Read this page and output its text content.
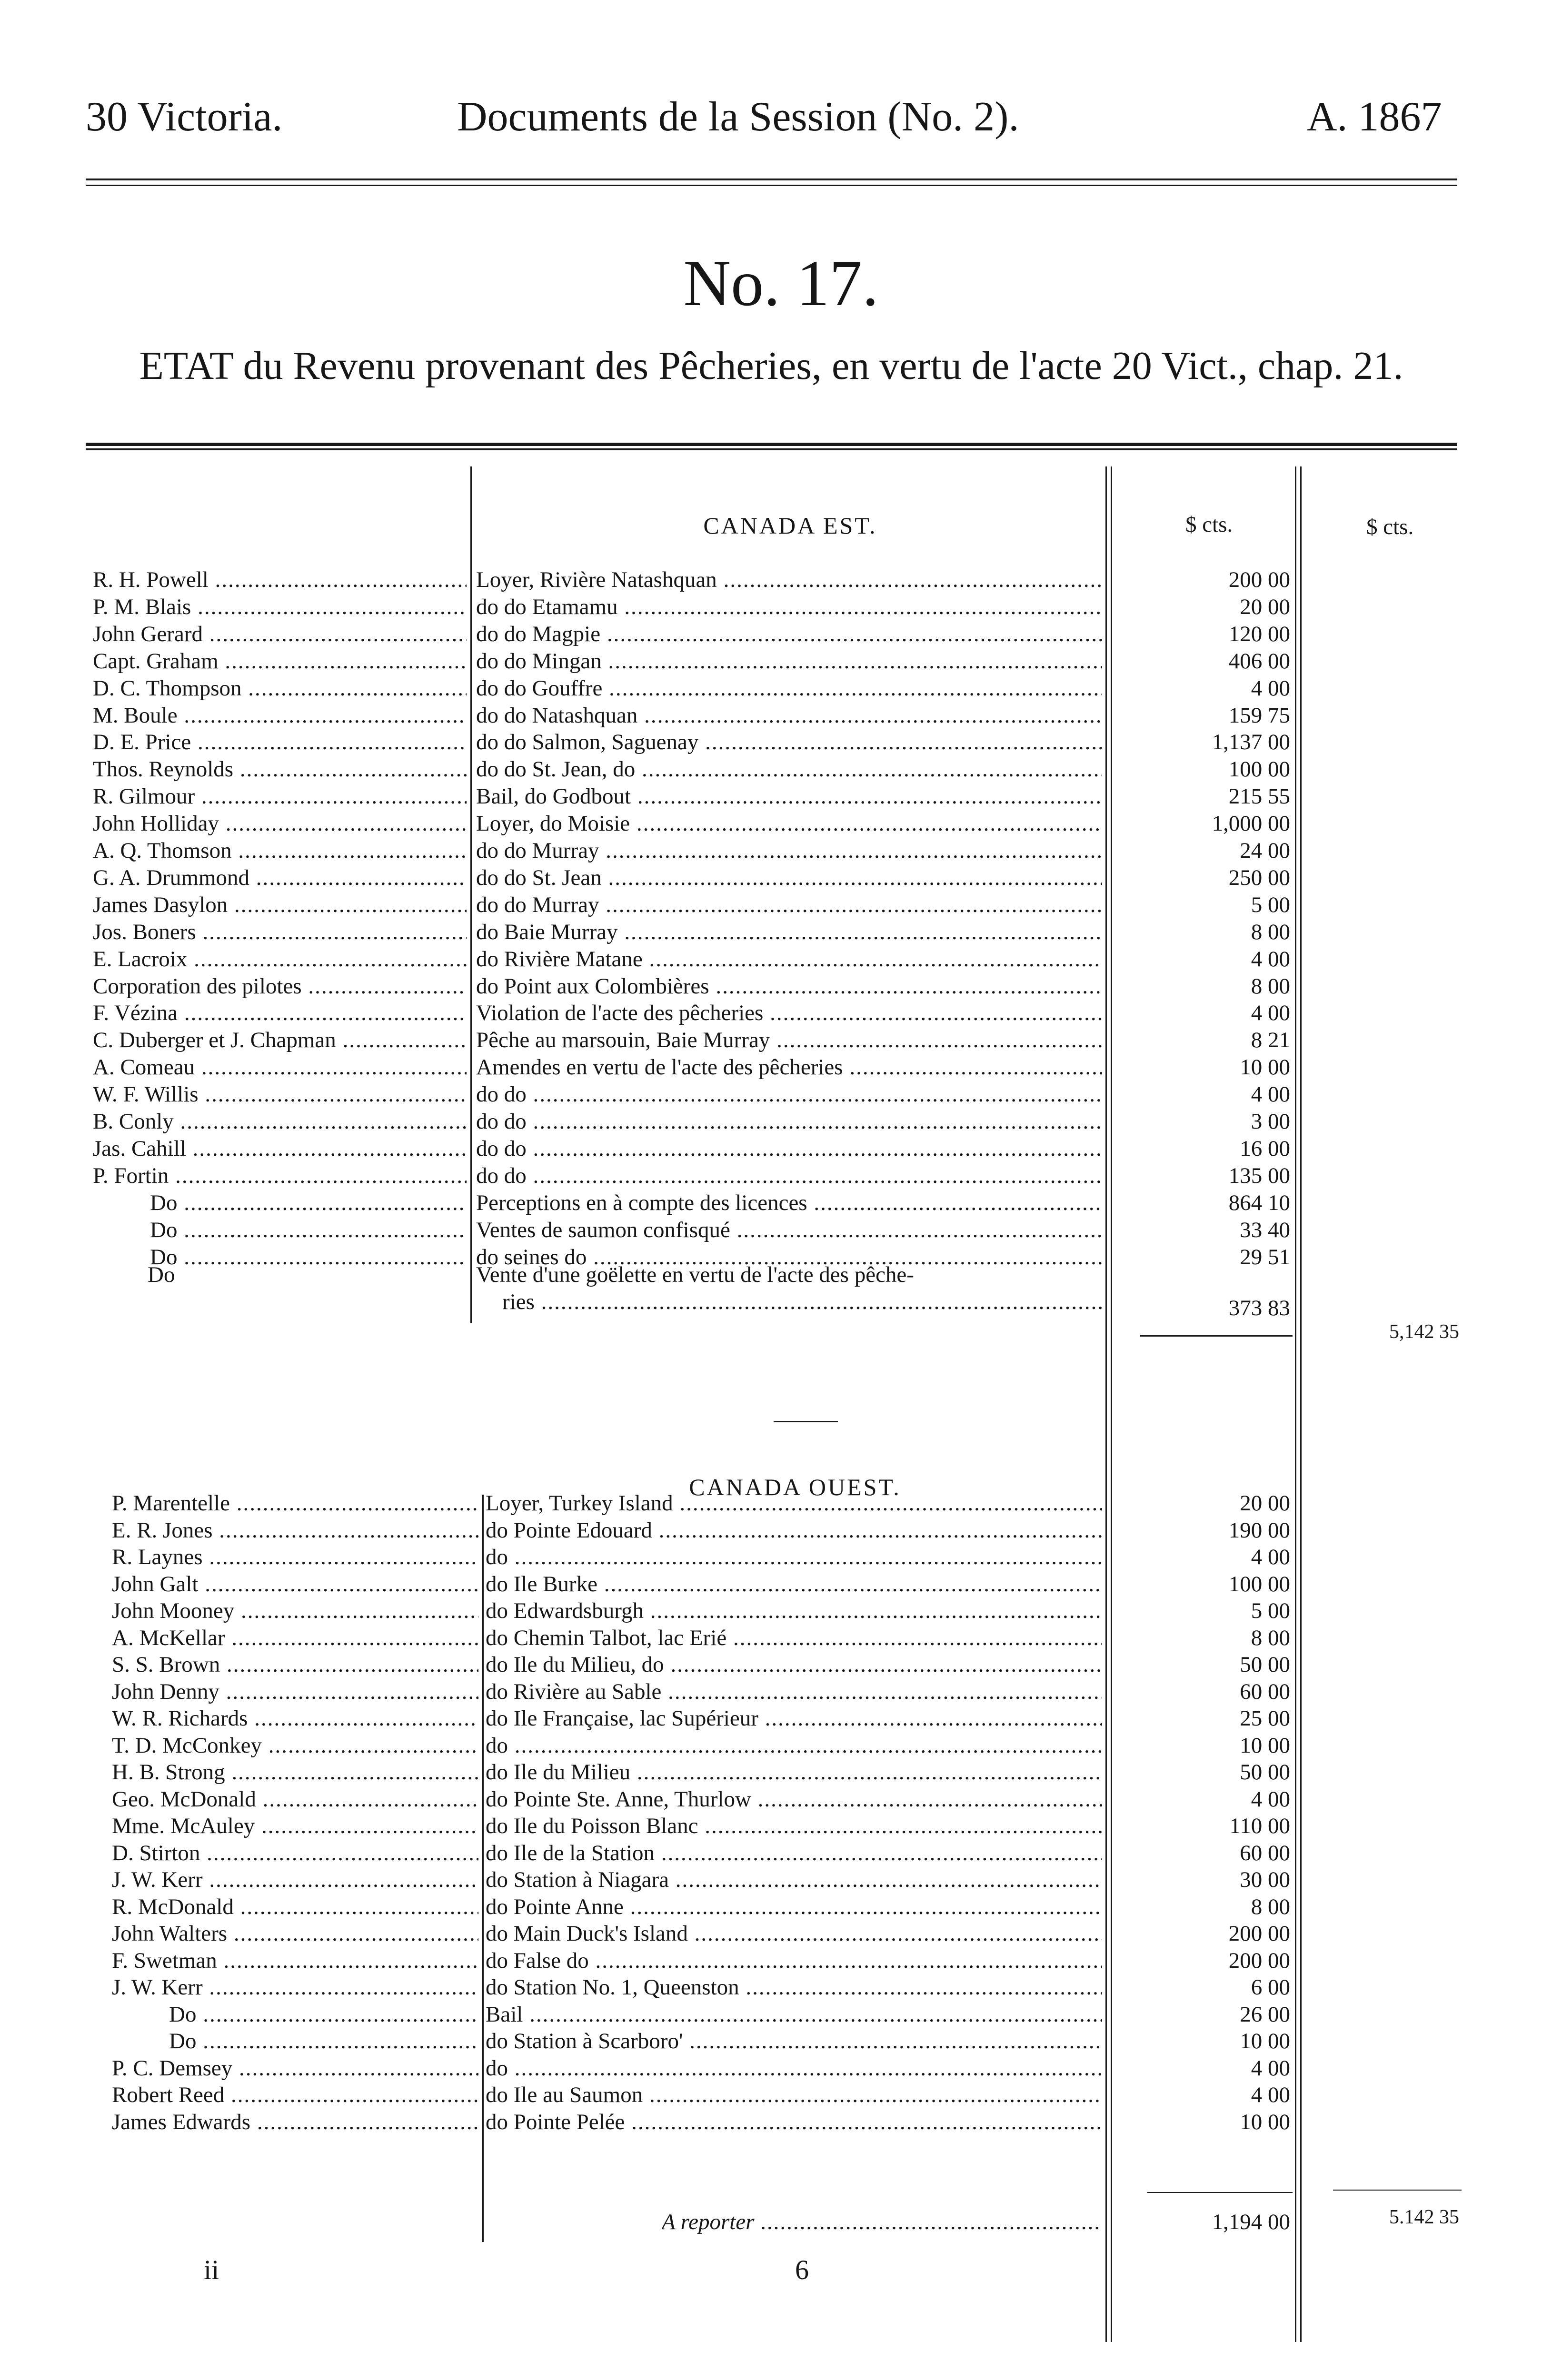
30 Victoria.	Documents de la Session (No. 2).	A. 1867
No. 17.
ETAT du Revenu provenant des Pêcheries, en vertu de l'acte 20 Vict., chap. 21.
CANADA EST.	$ cts.	$ cts.
R. H. Powell .....	Loyer, Rivière Natashquan .....	200 00
P. M. Blais .....	do do Etamamu .....	20 00
John Gerard .....	do do Magpie .....	120 00
Capt. Graham .....	do do Mingan .....	406 00
D. C. Thompson .....	do do Gouffre .....	4 00
M. Boule .....	do do Natashquan .....	159 75
D. E. Price .....	do do Salmon, Saguenay .....	1,137 00
Thos. Reynolds .....	do do St. Jean, do .....	100 00
R. Gilmour .....	Bail, do Godbout .....	215 55
John Holliday .....	Loyer, do Moisie .....	1,000 00
A. Q. Thomson .....	do do Murray .....	24 00
G. A. Drummond .....	do do St. Jean .....	250 00
James Dasylon .....	do do Murray .....	5 00
Jos. Boners .....	do Baie Murray .....	8 00
E. Lacroix .....	do Rivière Matane .....	4 00
Corporation des pilotes .....	do Point aux Colombières .....	8 00
F. Vézina .....	Violation de l'acte des pêcheries .....	4 00
C. Duberger et J. Chapman .....	Pêche au marsouin, Baie Murray .....	8 21
A. Comeau .....	Amendes en vertu de l'acte des pêcheries .....	10 00
W. F. Willis .....	do do .....	4 00
B. Conly .....	do do .....	3 00
Jas. Cahill .....	do do .....	16 00
P. Fortin .....	do do .....	135 00
Do .....	Perceptions en à compte des licences .....	864 10
Do .....	Ventes de saumon confisqué .....	33 40
Do .....	do seines do .....	29 51
Do	Vente d'une goëlette en vertu de l'acte des pêche-
ries .....	373 83
5,142 35
CANADA OUEST.
P. Marentelle .....	Loyer, Turkey Island .....	20 00
E. R. Jones .....	do Pointe Edouard .....	190 00
R. Laynes .....	do .....	4 00
John Galt .....	do Ile Burke .....	100 00
John Mooney .....	do Edwardsburgh .....	5 00
A. McKellar .....	do Chemin Talbot, lac Erié .....	8 00
S. S. Brown .....	do Ile du Milieu, do .....	50 00
John Denny .....	do Rivière au Sable .....	60 00
W. R. Richards .....	do Ile Française, lac Supérieur .....	25 00
T. D. McConkey .....	do .....	10 00
H. B. Strong .....	do Ile du Milieu .....	50 00
Geo. McDonald .....	do Pointe Ste. Anne, Thurlow .....	4 00
Mme. McAuley .....	do Ile du Poisson Blanc .....	110 00
D. Stirton .....	do Ile de la Station .....	60 00
J. W. Kerr .....	do Station à Niagara .....	30 00
R. McDonald .....	do Pointe Anne .....	8 00
John Walters .....	do Main Duck's Island .....	200 00
F. Swetman .....	do False do .....	200 00
J. W. Kerr .....	do Station No. 1, Queenston .....	6 00
Do .....	Bail .....	26 00
Do .....	do Station à Scarboro' .....	10 00
P. C. Demsey .....	do .....	4 00
Robert Reed .....	do Ile au Saumon .....	4 00
James Edwards .....	do Pointe Pelée .....	10 00
A reporter .....	1,194 00	5.142 35
ii	6
